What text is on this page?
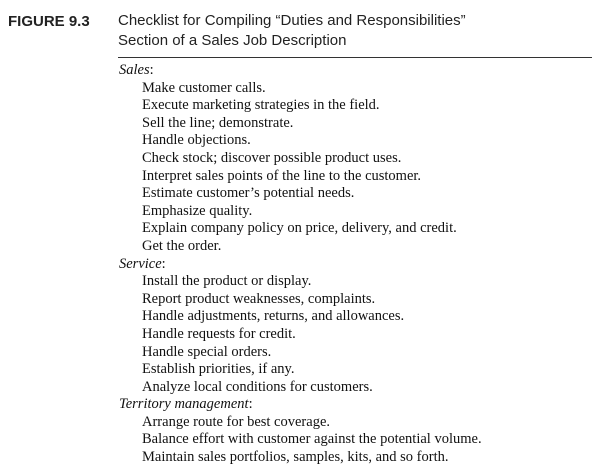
FIGURE 9.3 Checklist for Compiling “Duties and Responsibilities”
Section of a Sales Job Description
Sales:
Make customer calls.
Execute marketing strategies in the field.
Sell the line; demonstrate.
Handle objections.
Check stock; discover possible product uses.
Interpret sales points of the line to the customer.
Estimate customer’s potential needs.
Emphasize quality.
Explain company policy on price, delivery, and credit.
Get the order.
Service:
Install the product or display.
Report product weaknesses, complaints.
Handle adjustments, returns, and allowances.
Handle requests for credit.
Handle special orders.
Establish priorities, if any.
Analyze local conditions for customers.
Territory management:
Arrange route for best coverage.
Balance effort with customer against the potential volume.
Maintain sales portfolios, samples, kits, and so forth.
